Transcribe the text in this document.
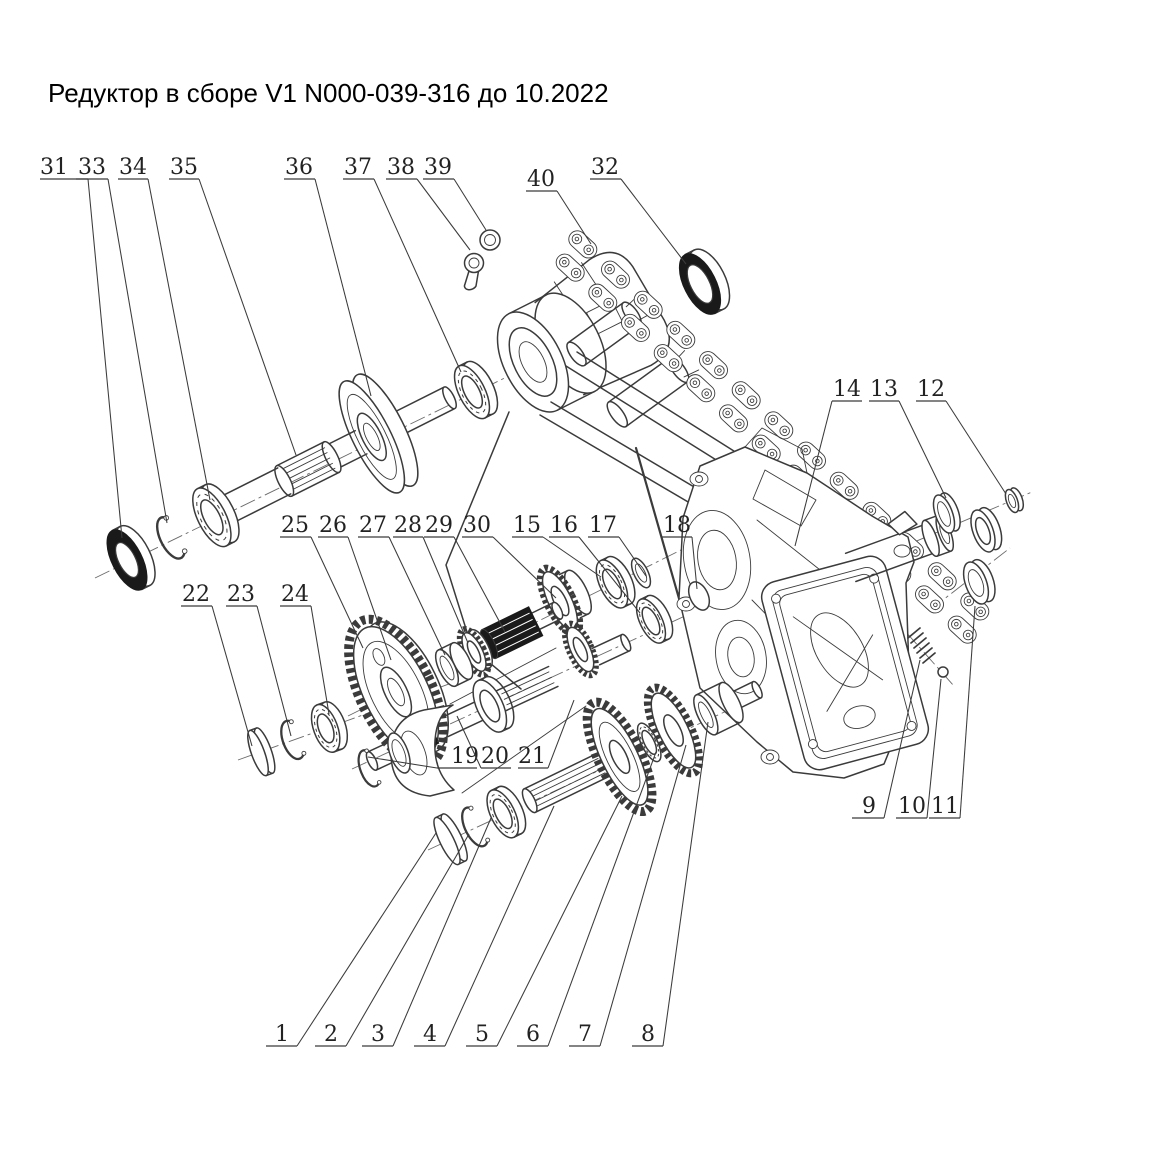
Редуктор в сборе V1 N000-039-316 до 10.2022
31 33 34 35	36 37 38 39	40 32
14 13 12
25 26 27 28 29 30 15 16 17 18
22 23 24
19 20 21
9 10 11
1 2 3 4 5 6 7 8
